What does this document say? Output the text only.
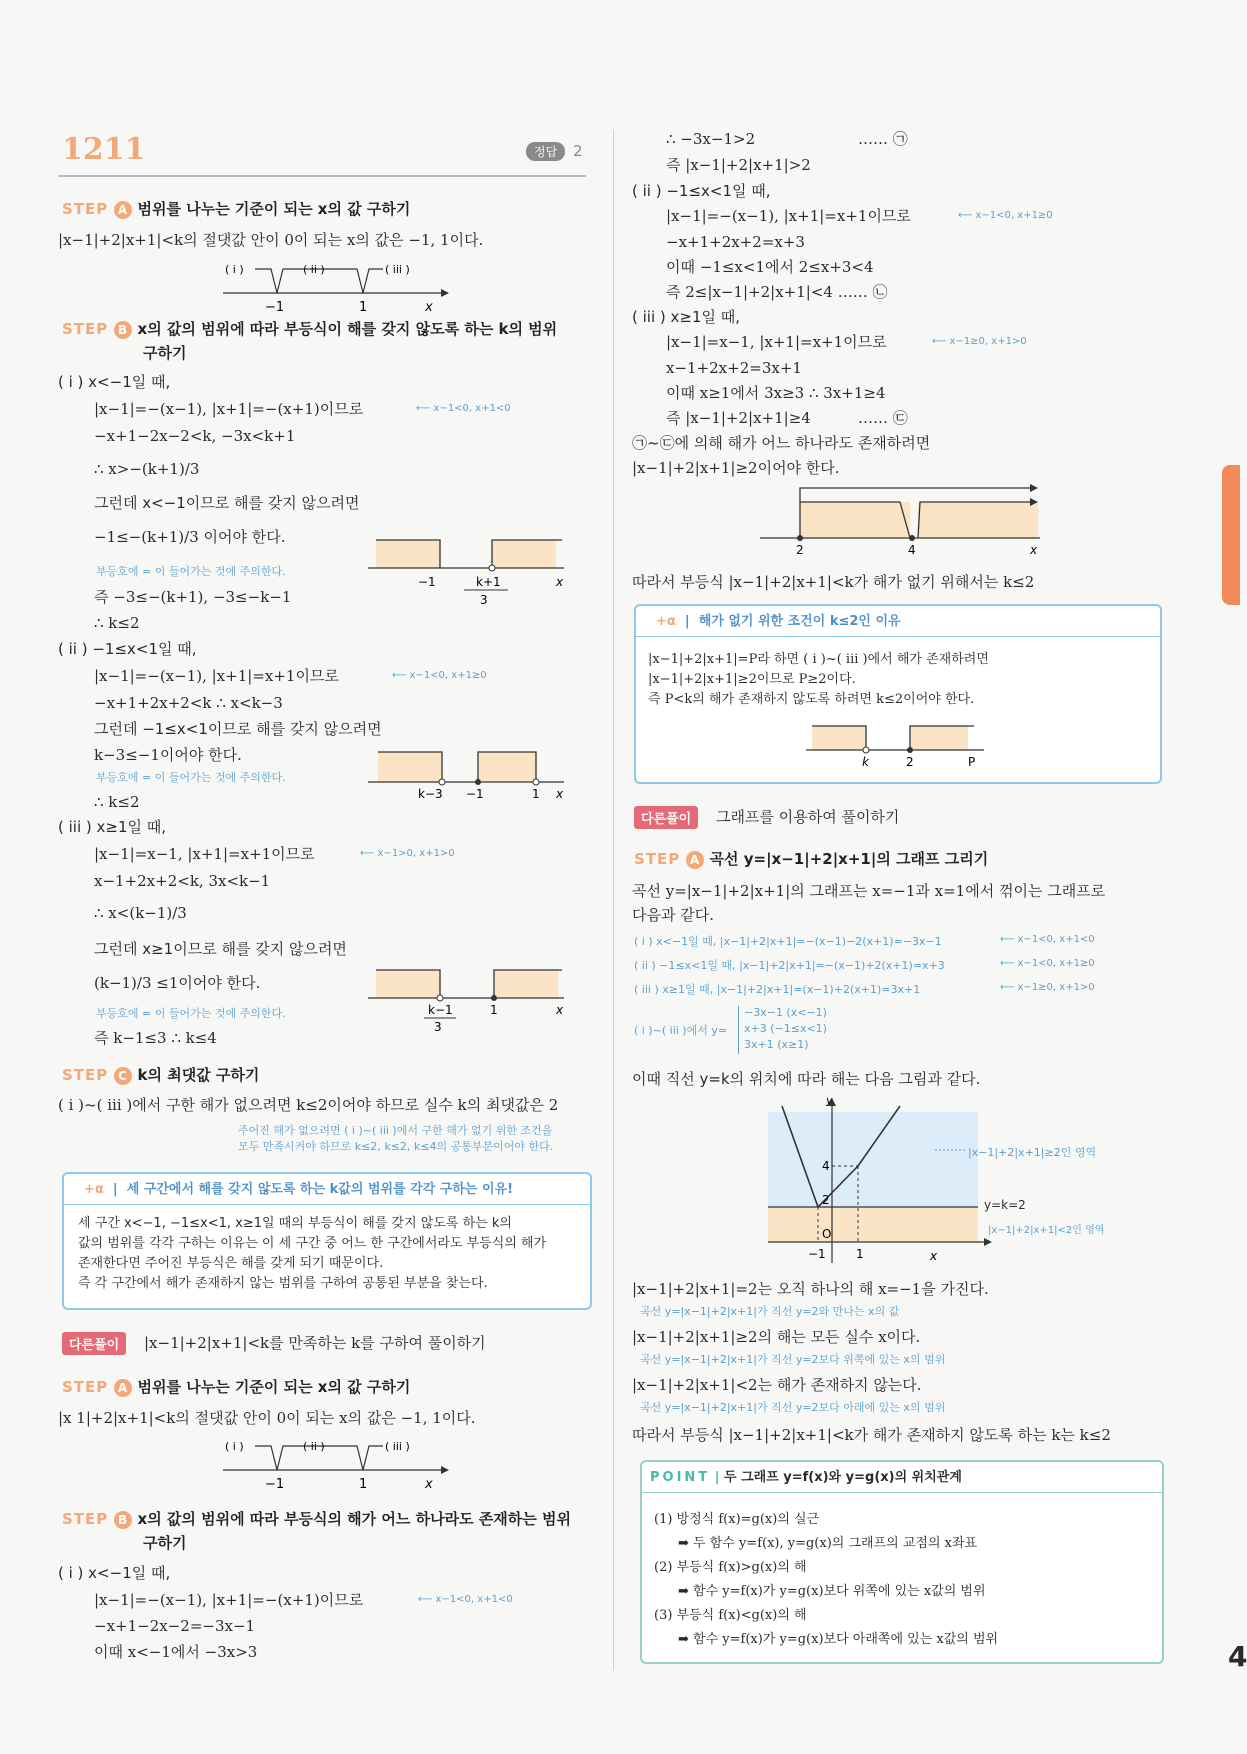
1211	정답	2
4
STEP A 범위를 나누는 기준이 되는 x의 값 구하기
|x−1|+2|x+1|<k의 절댓값 안이 0이 되는 x의 값은 −1, 1이다.
( i )	( ii )	( iii )
−1	1	x
STEP B x의 값의 범위에 따라 부등식이 해를 갖지 않도록 하는 k의 범위
구하기
( i ) x<−1일 때,
|x−1|=−(x−1), |x+1|=−(x+1)이므로	⟵ x−1<0, x+1<0
−x+1−2x−2<k, −3x<k+1
∴ x>−(k+1)/3
그런데 x<−1이므로 해를 갖지 않으려면
−1≤−(k+1)/3 이어야 한다.
부등호에 = 이 들어가는 것에 주의한다.
즉 −3≤−(k+1), −3≤−k−1
∴ k≤2
−1	k+1
3
x
( ii ) −1≤x<1일 때,
|x−1|=−(x−1), |x+1|=x+1이므로	⟵ x−1<0, x+1≥0
−x+1+2x+2<k ∴ x<k−3
그런데 −1≤x<1이므로 해를 갖지 않으려면
k−3≤−1이어야 한다.
부등호에 = 이 들어가는 것에 주의한다.
∴ k≤2	k−3 −1	1 x
( iii ) x≥1일 때,
|x−1|=x−1, |x+1|=x+1이므로	⟵ x−1>0, x+1>0
x−1+2x+2<k, 3x<k−1
∴ x<(k−1)/3
그런데 x≥1이므로 해를 갖지 않으려면
(k−1)/3 ≤1이어야 한다.
부등호에 = 이 들어가는 것에 주의한다.
즉 k−1≤3 ∴ k≤4
k−1
3
1	x
STEP C k의 최댓값 구하기
( i )~( iii )에서 구한 해가 없으려면 k≤2이어야 하므로 실수 k의 최댓값은 2
주어진 해가 없으려면 ( i )~( iii )에서 구한 해가 없기 위한 조건을
모두 만족시켜야 하므로 k≤2, k≤2, k≤4의 공통부분이어야 한다.
+α  |  세 구간에서 해를 갖지 않도록 하는 k값의 범위를 각각 구하는 이유!
세 구간 x<−1, −1≤x<1, x≥1일 때의 부등식이 해를 갖지 않도록 하는 k의
값의 범위를 각각 구하는 이유는 이 세 구간 중 어느 한 구간에서라도 부등식의 해가
존재한다면 주어진 부등식은 해를 갖게 되기 때문이다.
즉 각 구간에서 해가 존재하지 않는 범위를 구하여 공통된 부분을 찾는다.
다른풀이	|x−1|+2|x+1|<k를 만족하는 k를 구하여 풀이하기
STEP A 범위를 나누는 기준이 되는 x의 값 구하기
|x 1|+2|x+1|<k의 절댓값 안이 0이 되는 x의 값은 −1, 1이다.
( i )	( ii )	( iii )
−1	1	x
STEP B x의 값의 범위에 따라 부등식의 해가 어느 하나라도 존재하는 범위
구하기
( i ) x<−1일 때,
|x−1|=−(x−1), |x+1|=−(x+1)이므로	⟵ x−1<0, x+1<0
−x+1−2x−2=−3x−1
이때 x<−1에서 −3x>3
∴ −3x−1>2	…… ㉠
즉 |x−1|+2|x+1|>2
( ii ) −1≤x<1일 때,
|x−1|=−(x−1), |x+1|=x+1이므로	⟵ x−1<0, x+1≥0
−x+1+2x+2=x+3
이때 −1≤x<1에서 2≤x+3<4
즉 2≤|x−1|+2|x+1|<4 …… ㉡
( iii ) x≥1일 때,
|x−1|=x−1, |x+1|=x+1이므로	⟵ x−1≥0, x+1>0
x−1+2x+2=3x+1
이때 x≥1에서 3x≥3 ∴ 3x+1≥4
즉 |x−1|+2|x+1|≥4	…… ㉢
㉠~㉢에 의해 해가 어느 하나라도 존재하려면
|x−1|+2|x+1|≥2이어야 한다.
2	4	x
따라서 부등식 |x−1|+2|x+1|<k가 해가 없기 위해서는 k≤2
+α  |  해가 없기 위한 조건이 k≤2인 이유
|x−1|+2|x+1|=P라 하면 ( i )~( iii )에서 해가 존재하려면
|x−1|+2|x+1|≥2이므로 P≥2이다.
즉 P<k의 해가 존재하지 않도록 하려면 k≤2이어야 한다.
k	2	P
다른풀이	그래프를 이용하여 풀이하기
STEP A 곡선 y=|x−1|+2|x+1|의 그래프 그리기
곡선 y=|x−1|+2|x+1|의 그래프는 x=−1과 x=1에서 꺾이는 그래프로
다음과 같다.
( i ) x<−1일 때, |x−1|+2|x+1|=−(x−1)−2(x+1)=−3x−1	⟵ x−1<0, x+1<0
( ii ) −1≤x<1일 때, |x−1|+2|x+1|=−(x−1)+2(x+1)=x+3	⟵ x−1<0, x+1≥0
( iii ) x≥1일 때, |x−1|+2|x+1|=(x−1)+2(x+1)=3x+1	⟵ x−1≥0, x+1>0
( i )~( iii )에서 y=
−3x−1 (x<−1)
x+3 (−1≤x<1)
3x+1 (x≥1)
이때 직선 y=k의 위치에 따라 해는 다음 그림과 같다.
y
4
2
O
−1	1	x
|x−1|+2|x+1|≥2인 영역
y=k=2
|x−1|+2|x+1|<2인 영역
|x−1|+2|x+1|=2는 오직 하나의 해 x=−1을 가진다.
곡선 y=|x−1|+2|x+1|가 직선 y=2와 만나는 x의 값
|x−1|+2|x+1|≥2의 해는 모든 실수 x이다.
곡선 y=|x−1|+2|x+1|가 직선 y=2보다 위쪽에 있는 x의 범위
|x−1|+2|x+1|<2는 해가 존재하지 않는다.
곡선 y=|x−1|+2|x+1|가 직선 y=2보다 아래에 있는 x의 범위
따라서 부등식 |x−1|+2|x+1|<k가 해가 존재하지 않도록 하는 k는 k≤2
POINT | 두 그래프 y=f(x)와 y=g(x)의 위치관계
(1) 방정식 f(x)=g(x)의 실근
➡ 두 함수 y=f(x), y=g(x)의 그래프의 교점의 x좌표
(2) 부등식 f(x)>g(x)의 해
➡ 함수 y=f(x)가 y=g(x)보다 위쪽에 있는 x값의 범위
(3) 부등식 f(x)<g(x)의 해
➡ 함수 y=f(x)가 y=g(x)보다 아래쪽에 있는 x값의 범위
